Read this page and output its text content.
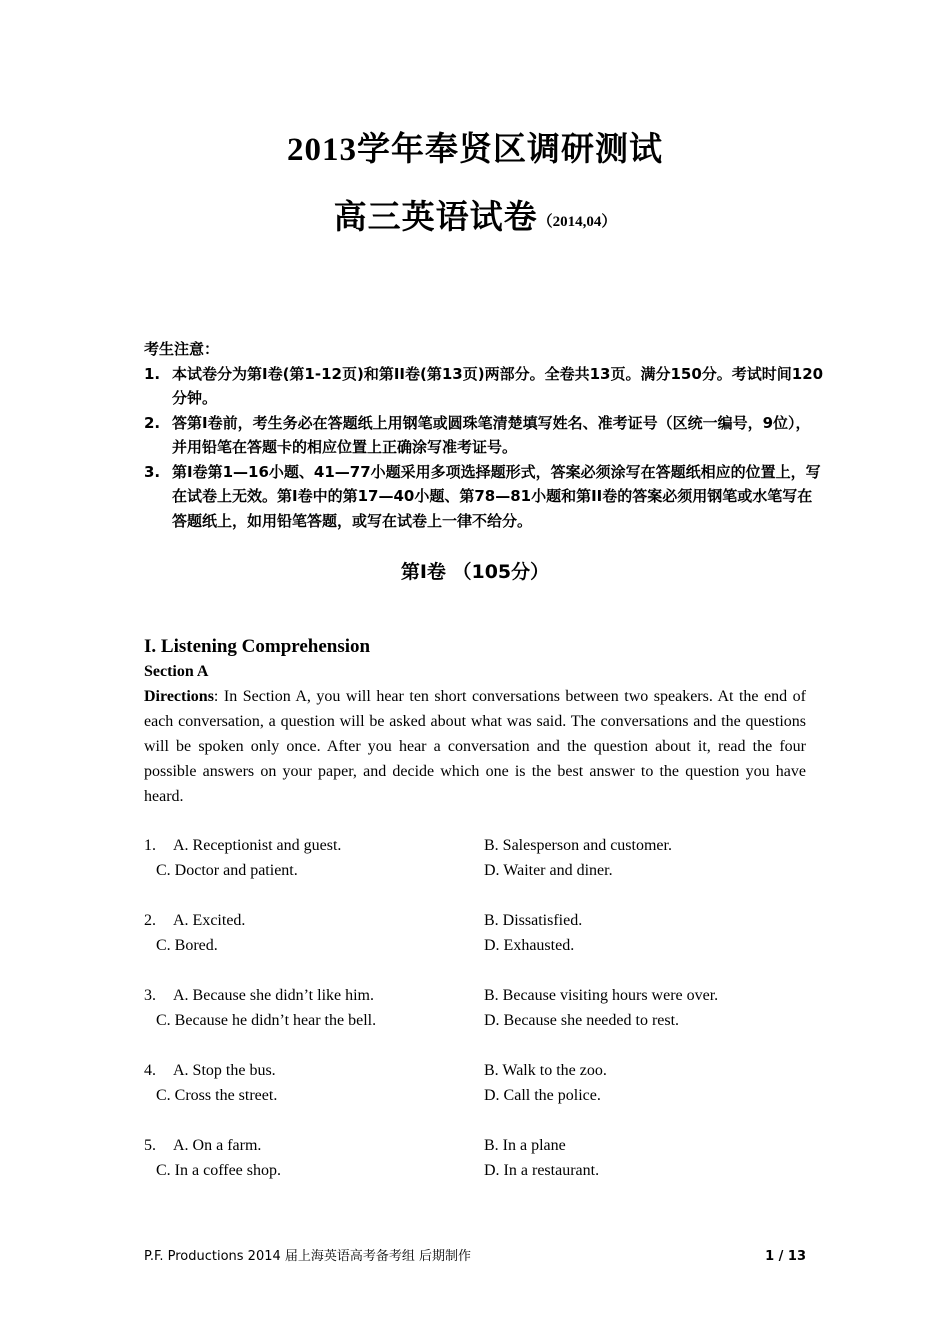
2013学年奉贤区调研测试
高三英语试卷（2014,04）
考生注意：
1. 本试卷分为第I卷(第1-12页)和第II卷(第13页)两部分。全卷共13页。满分150分。考试时间120分钟。
2. 答第I卷前，考生务必在答题纸上用钢笔或圆珠笔清楚填写姓名、准考证号（区统一编号，9位），并用铅笔在答题卡的相应位置上正确涂写准考证号。
3. 第I卷第1—16小题、41—77小题采用多项选择题形式，答案必须涂写在答题纸相应的位置上，写在试卷上无效。第I卷中的第17—40小题、第78—81小题和第II卷的答案必须用钢笔或水笔写在答题纸上，如用铅笔答题，或写在试卷上一律不给分。
第I卷 （105分）
I. Listening Comprehension
Section A
Directions: In Section A, you will hear ten short conversations between two speakers. At the end of each conversation, a question will be asked about what was said. The conversations and the questions will be spoken only once. After you hear a conversation and the question about it, read the four possible answers on your paper, and decide which one is the best answer to the question you have heard.
1. A. Receptionist and guest.	B. Salesperson and customer.
C. Doctor and patient.	D. Waiter and diner.
2. A. Excited.	B. Dissatisfied.
C. Bored.	D. Exhausted.
3. A. Because she didn’t like him.	B. Because visiting hours were over.
C. Because he didn’t hear the bell.	D. Because she needed to rest.
4. A. Stop the bus.	B. Walk to the zoo.
C. Cross the street.	D. Call the police.
5. A. On a farm.	B. In a plane
C. In a coffee shop.	D. In a restaurant.
P.F. Productions 2014 届上海英语高考备考组 后期制作	1 / 13
